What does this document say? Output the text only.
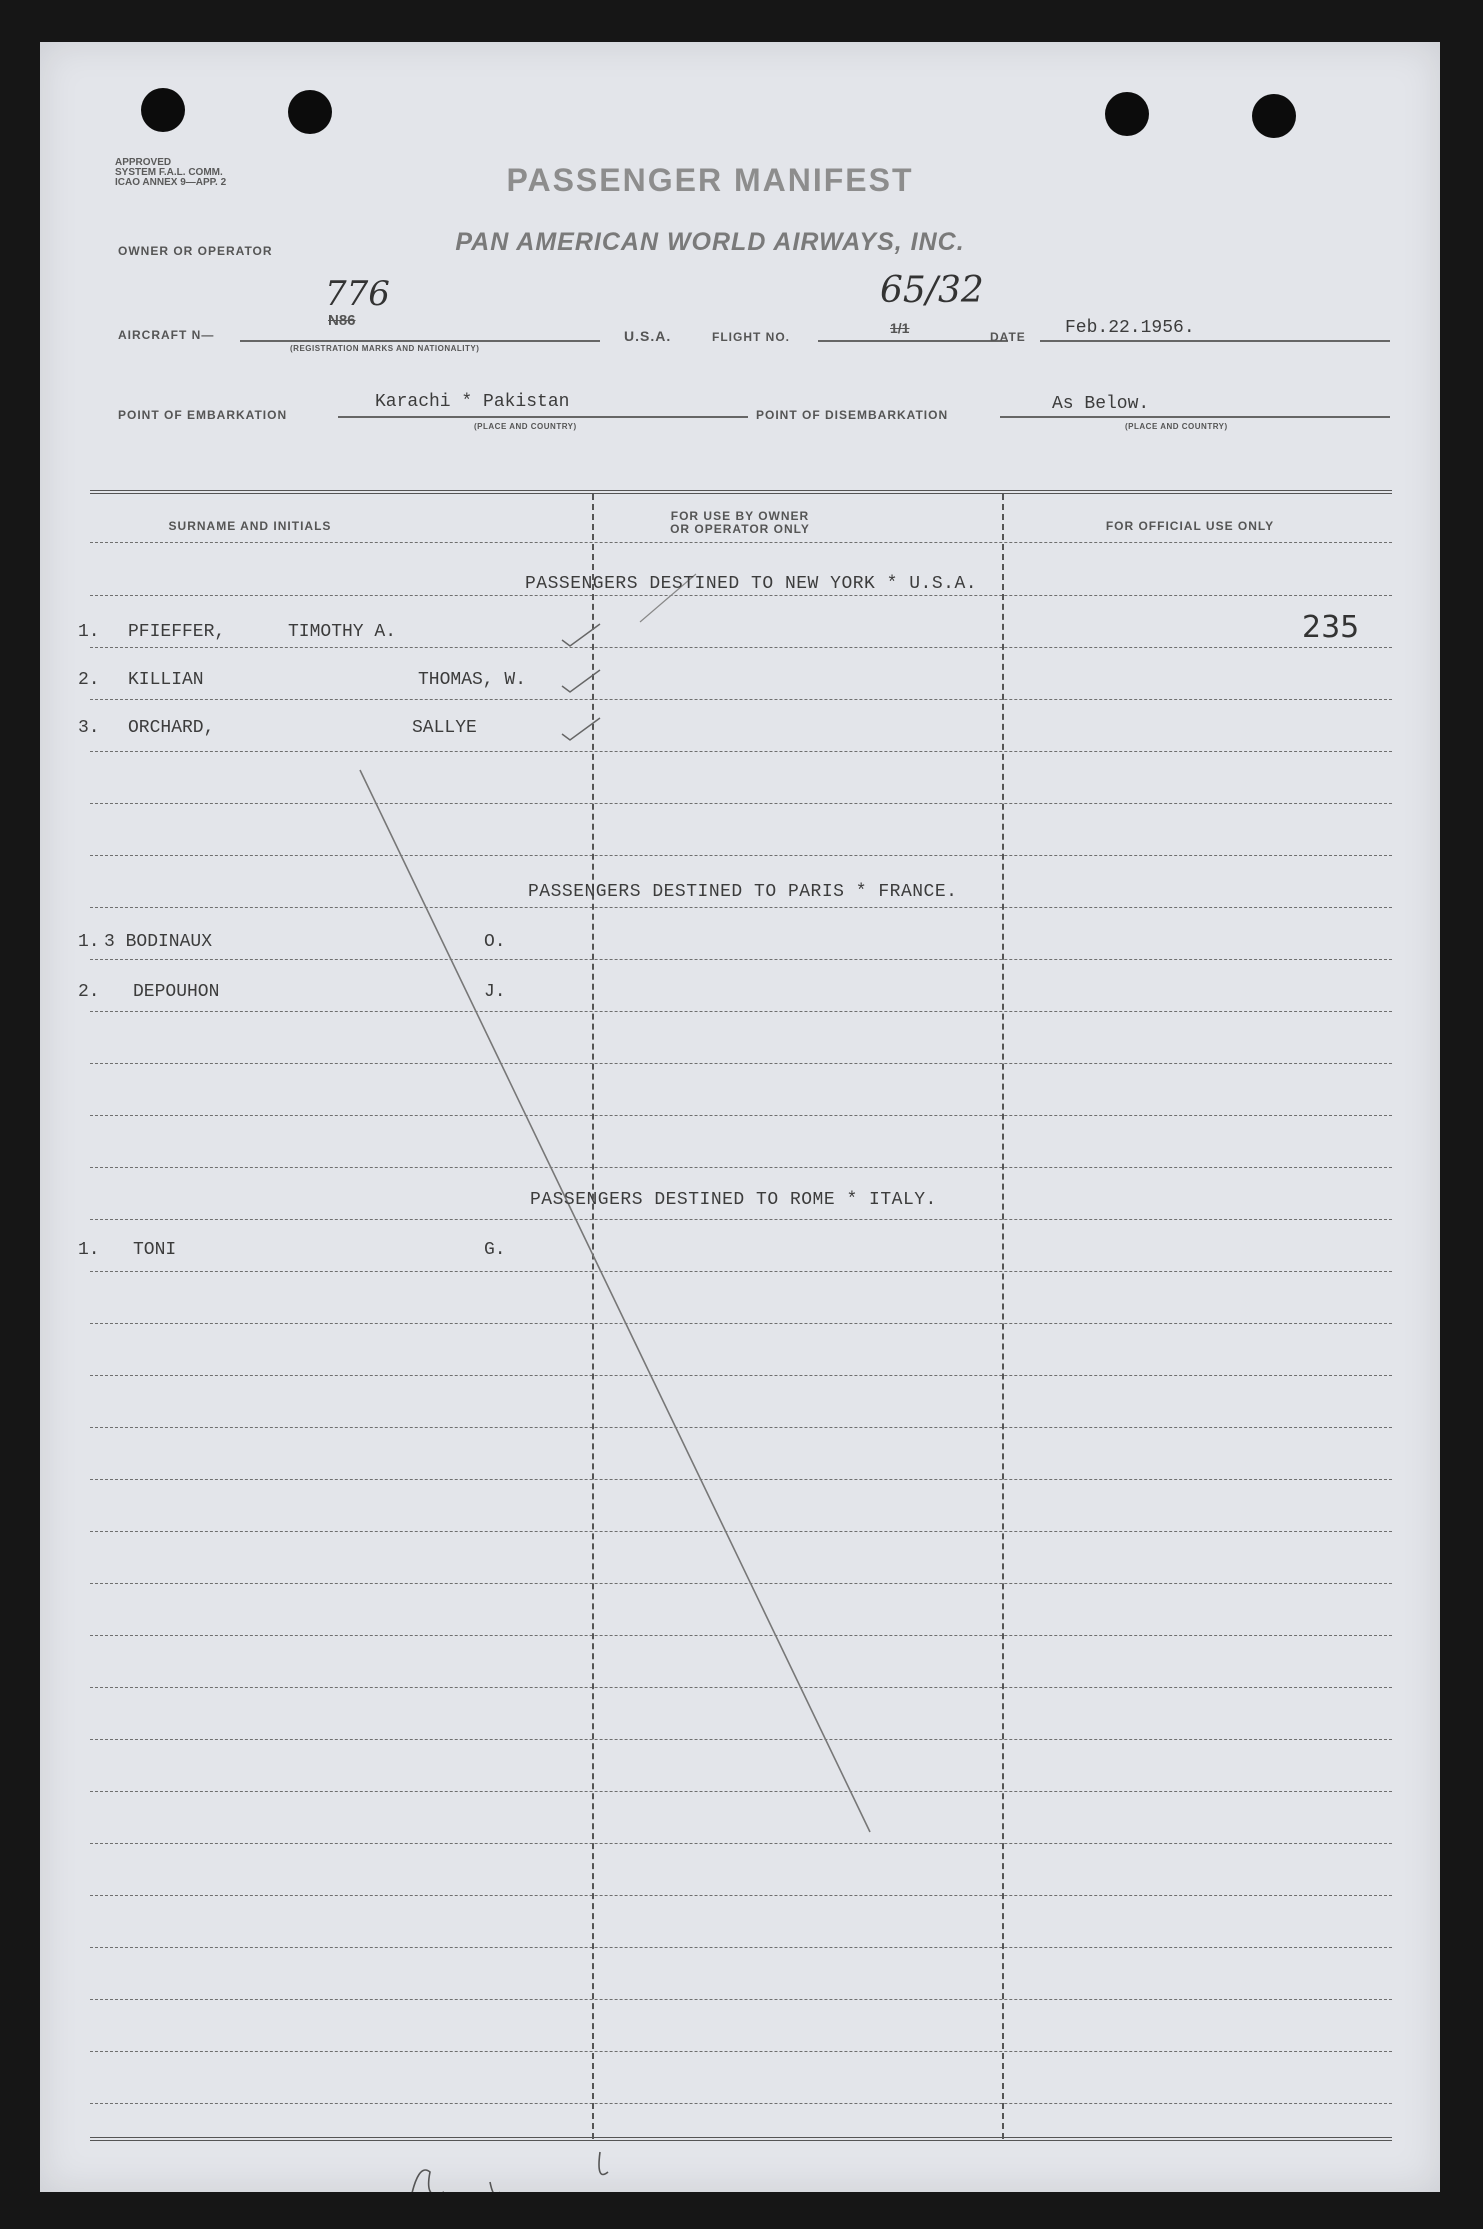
APPROVED
SYSTEM F.A.L. COMM.
ICAO ANNEX 9—APP. 2	PASSENGER MANIFEST
OWNER OR OPERATOR	PAN AMERICAN WORLD AIRWAYS, INC.
AIRCRAFT N—
776
N86
(REGISTRATION MARKS AND NATIONALITY)
U.S.A.	FLIGHT NO.
65/32
1/1
DATE Feb.22.1956.
POINT OF EMBARKATION
Karachi * Pakistan
(PLACE AND COUNTRY)
POINT OF DISEMBARKATION
As Below.
(PLACE AND COUNTRY)
SURNAME AND INITIALS
FOR USE BY OWNER
OR OPERATOR ONLY	FOR OFFICIAL USE ONLY
PASSENGERS DESTINED TO NEW YORK * U.S.A.
1. PFIEFFER,	TIMOTHY A.
2. KILLIAN	THOMAS, W.
3. ORCHARD,	SALLYE
235
PASSENGERS DESTINED TO PARIS * FRANCE.
1. 3 BODINAUX	O.
2. DEPOUHON	J.
PASSENGERS DESTINED TO ROME * ITALY.
1. TONI	G.
